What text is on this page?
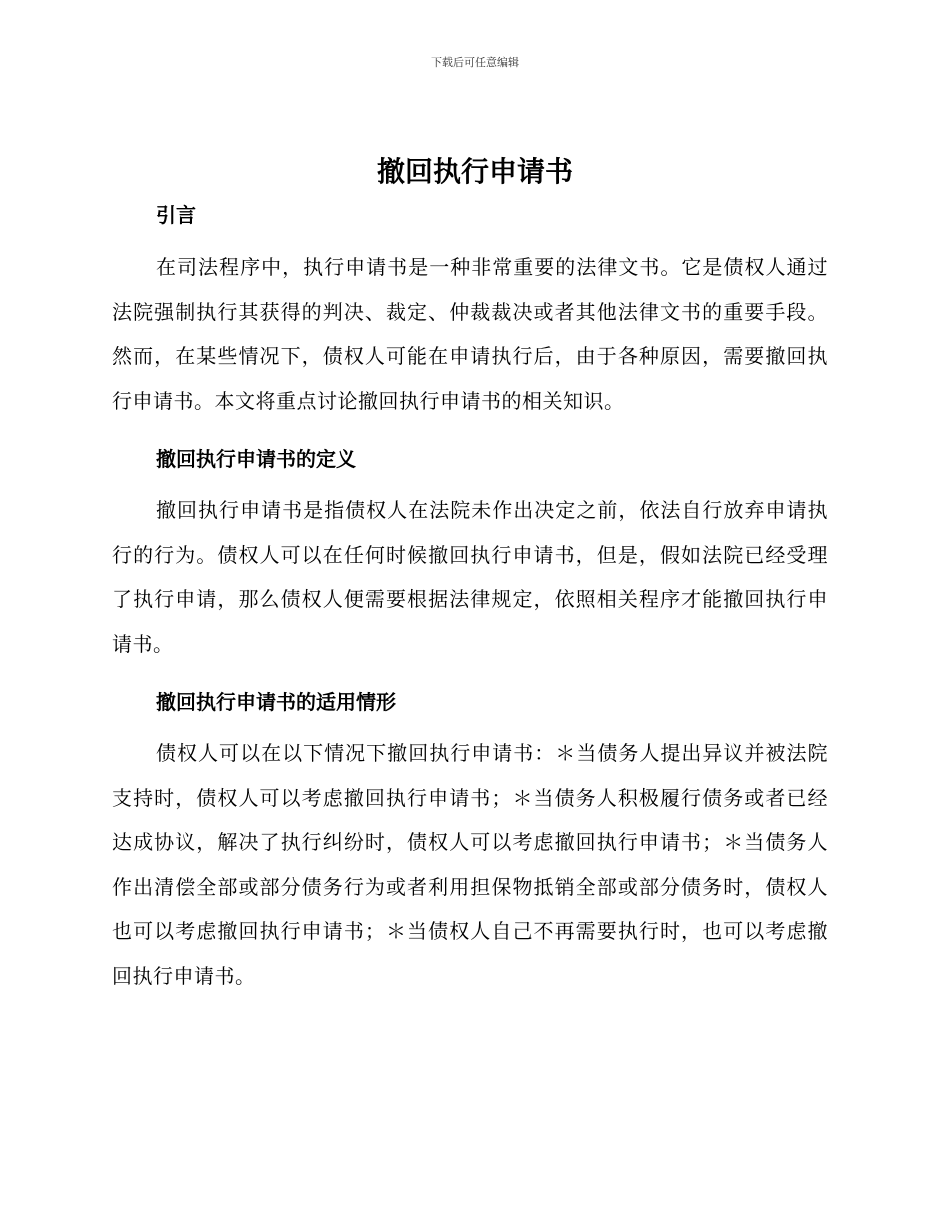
下载后可任意编辑
撤回执行申请书
引言

在司法程序中，执行申请书是一种非常重要的法律文书。它是债权人通过法院强制执行其获得的判决、裁定、仲裁裁决或者其他法律文书的重要手段。然而，在某些情况下，债权人可能在申请执行后，由于各种原因，需要撤回执行申请书。本文将重点讨论撤回执行申请书的相关知识。

撤回执行申请书的定义

撤回执行申请书是指债权人在法院未作出决定之前，依法自行放弃申请执行的行为。债权人可以在任何时候撤回执行申请书，但是，假如法院已经受理了执行申请，那么债权人便需要根据法律规定，依照相关程序才能撤回执行申请书。

撤回执行申请书的适用情形

债权人可以在以下情况下撤回执行申请书：＊当债务人提出异议并被法院支持时，债权人可以考虑撤回执行申请书；＊当债务人积极履行债务或者已经达成协议，解决了执行纠纷时，债权人可以考虑撤回执行申请书；＊当债务人作出清偿全部或部分债务行为或者利用担保物抵销全部或部分债务时，债权人也可以考虑撤回执行申请书；＊当债权人自己不再需要执行时，也可以考虑撤回执行申请书。
